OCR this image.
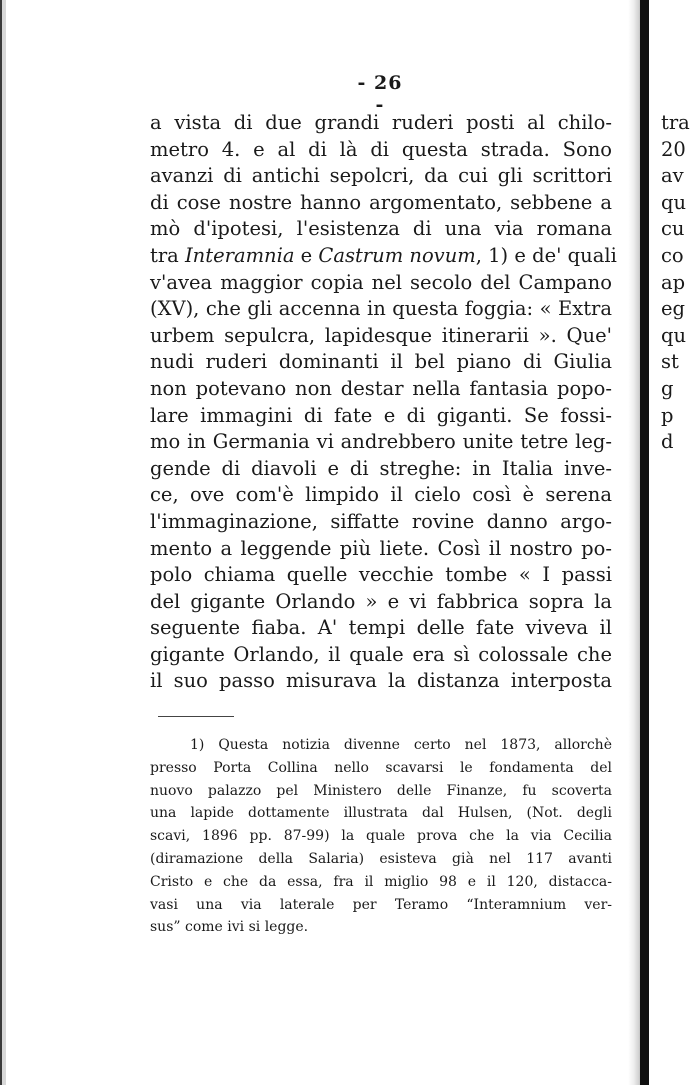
- 26 -
a vista di due grandi ruderi posti al chilo-
metro 4. e al di là di questa strada. Sono
avanzi di antichi sepolcri, da cui gli scrittori
di cose nostre hanno argomentato, sebbene a
mò d'ipotesi, l'esistenza di una via romana
tra Interamnia e Castrum novum, 1) e de' quali
v'avea maggior copia nel secolo del Campano
(XV), che gli accenna in questa foggia: « Extra
urbem sepulcra, lapidesque itinerarii ». Que'
nudi ruderi dominanti il bel piano di Giulia
non potevano non destar nella fantasia popo-
lare immagini di fate e di giganti. Se fossi-
mo in Germania vi andrebbero unite tetre leg-
gende di diavoli e di streghe: in Italia inve-
ce, ove com'è limpido il cielo così è serena
l'immaginazione, siffatte rovine danno argo-
mento a leggende più liete. Così il nostro po-
polo chiama quelle vecchie tombe « I passi
del gigante Orlando » e vi fabbrica sopra la
seguente fiaba. A' tempi delle fate viveva il
gigante Orlando, il quale era sì colossale che
il suo passo misurava la distanza interposta
1) Questa notizia divenne certo nel 1873, allorchè
presso Porta Collina nello scavarsi le fondamenta del
nuovo palazzo pel Ministero delle Finanze, fu scoverta
una lapide dottamente illustrata dal Hulsen, (Not. degli
scavi, 1896 pp. 87-99) la quale prova che la via Cecilia
(diramazione della Salaria) esisteva già nel 117 avanti
Cristo e che da essa, fra il miglio 98 e il 120, distacca-
vasi una via laterale per Teramo “Interamnium ver-
sus” come ivi si legge.
tra
20
av
qu
cu
co
ap
eg
qu
st
g
p
d
